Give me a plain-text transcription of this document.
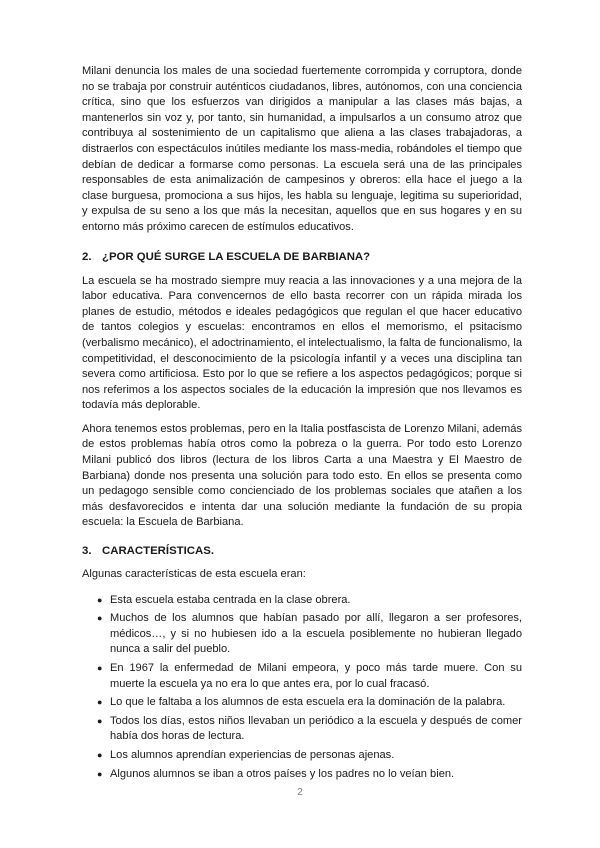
Milani denuncia los males de una sociedad fuertemente corrompida y corruptora, donde no se trabaja por construir auténticos ciudadanos, libres, autónomos, con una conciencia crítica, sino que los esfuerzos van dirigidos a manipular a las clases más bajas, a mantenerlos sin voz y, por tanto, sin humanidad, a impulsarlos a un consumo atroz que contribuya al sostenimiento de un capitalismo que aliena a las clases trabajadoras, a distraerlos con espectáculos inútiles mediante los mass-media, robándoles el tiempo que debían de dedicar a formarse como personas. La escuela será una de las principales responsables de esta animalización de campesinos y obreros: ella hace el juego a la clase burguesa, promociona a sus hijos, les habla su lenguaje, legitima su superioridad, y expulsa de su seno a los que más la necesitan, aquellos que en sus hogares y en su entorno más próximo carecen de estímulos educativos.

2. ¿POR QUÉ SURGE LA ESCUELA DE BARBIANA?

La escuela se ha mostrado siempre muy reacia a las innovaciones y a una mejora de la labor educativa. Para convencernos de ello basta recorrer con un rápida mirada los planes de estudio, métodos e ideales pedagógicos que regulan el que hacer educativo de tantos colegios y escuelas: encontramos en ellos el memorismo, el psitacismo (verbalismo mecánico), el adoctrinamiento, el intelectualismo, la falta de funcionalismo, la competitividad, el desconocimiento de la psicología infantil y a veces una disciplina tan severa como artificiosa. Esto por lo que se refiere a los aspectos pedagógicos; porque si nos referimos a los aspectos sociales de la educación la impresión que nos llevamos es todavía más deplorable.

Ahora tenemos estos problemas, pero en la Italia postfascista de Lorenzo Milani, además de estos problemas había otros como la pobreza o la guerra. Por todo esto Lorenzo Milani publicó dos libros (lectura de los libros Carta a una Maestra y El Maestro de Barbiana) donde nos presenta una solución para todo esto. En ellos se presenta como un pedagogo sensible como concienciado de los problemas sociales que atañen a los más desfavorecidos e intenta dar una solución mediante la fundación de su propia escuela: la Escuela de Barbiana.

3. CARACTERÍSTICAS.

Algunas características de esta escuela eran:

● Esta escuela estaba centrada en la clase obrera.
● Muchos de los alumnos que habían pasado por allí, llegaron a ser profesores, médicos…, y si no hubiesen ido a la escuela posiblemente no hubieran llegado nunca a salir del pueblo.
● En 1967 la enfermedad de Milani empeora, y poco más tarde muere. Con su muerte la escuela ya no era lo que antes era, por lo cual fracasó.
● Lo que le faltaba a los alumnos de esta escuela era la dominación de la palabra.
● Todos los días, estos niños llevaban un periódico a la escuela y después de comer había dos horas de lectura.
● Los alumnos aprendían experiencias de personas ajenas.
● Algunos alumnos se iban a otros países y los padres no lo veían bien.
2
